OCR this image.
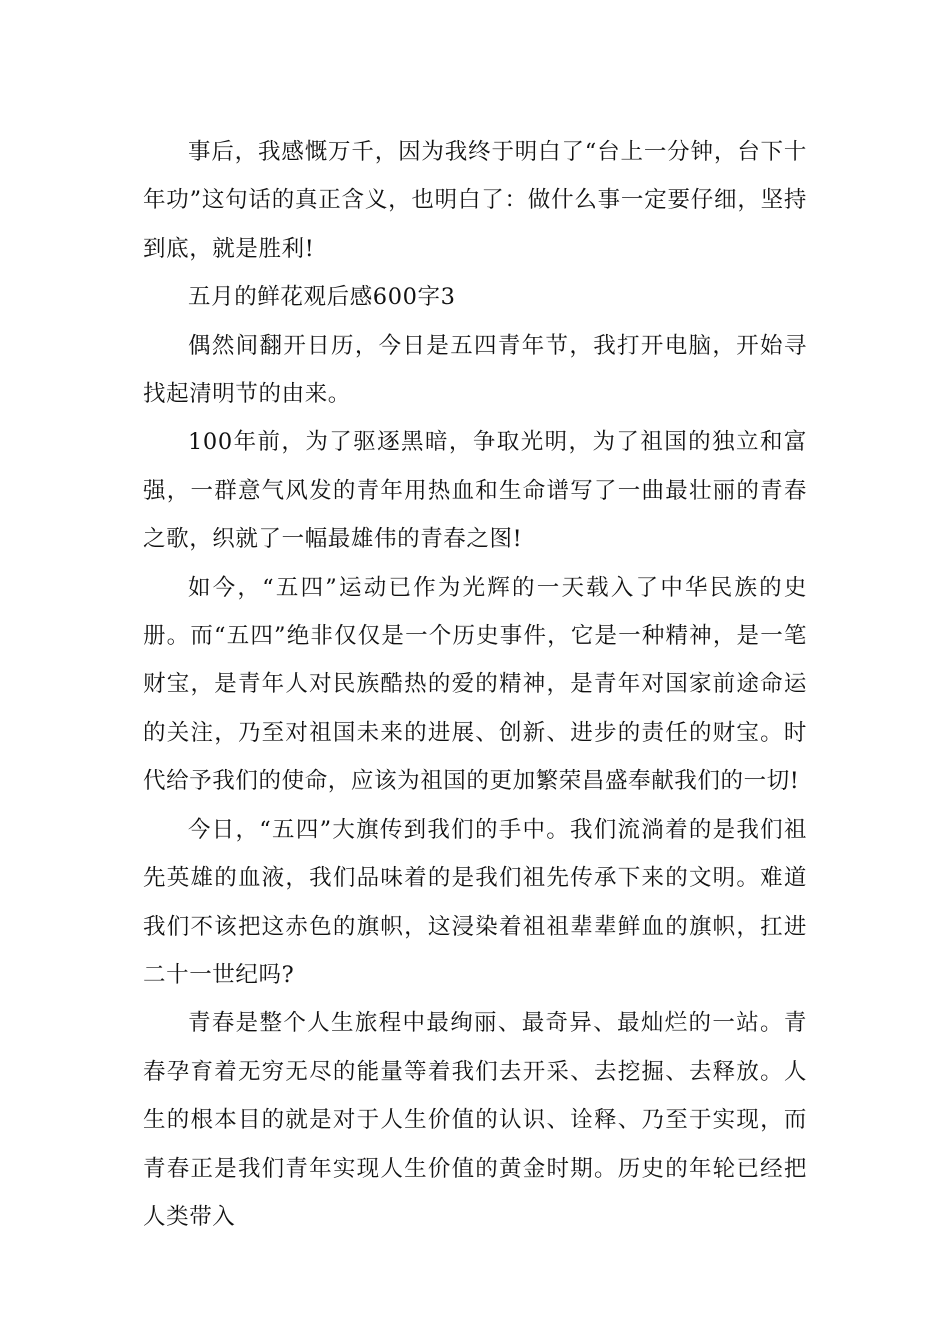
事后，我感慨万千，因为我终于明白了“台上一分钟，台下十年功”这句话的真正含义，也明白了：做什么事一定要仔细，坚持到底，就是胜利!

五月的鲜花观后感600字3

偶然间翻开日历，今日是五四青年节，我打开电脑，开始寻找起清明节的由来。

100年前，为了驱逐黑暗，争取光明，为了祖国的独立和富强，一群意气风发的青年用热血和生命谱写了一曲最壮丽的青春之歌，织就了一幅最雄伟的青春之图!

如今，“五四”运动已作为光辉的一天载入了中华民族的史册。而“五四”绝非仅仅是一个历史事件，它是一种精神，是一笔财宝，是青年人对民族酷热的爱的精神，是青年对国家前途命运的关注，乃至对祖国未来的进展、创新、进步的责任的财宝。时代给予我们的使命，应该为祖国的更加繁荣昌盛奉献我们的一切!

今日，“五四”大旗传到我们的手中。我们流淌着的是我们祖先英雄的血液，我们品味着的是我们祖先传承下来的文明。难道我们不该把这赤色的旗帜，这浸染着祖祖辈辈鲜血的旗帜，扛进二十一世纪吗?

青春是整个人生旅程中最绚丽、最奇异、最灿烂的一站。青春孕育着无穷无尽的能量等着我们去开采、去挖掘、去释放。人生的根本目的就是对于人生价值的认识、诠释、乃至于实现，而青春正是我们青年实现人生价值的黄金时期。历史的年轮已经把人类带入
